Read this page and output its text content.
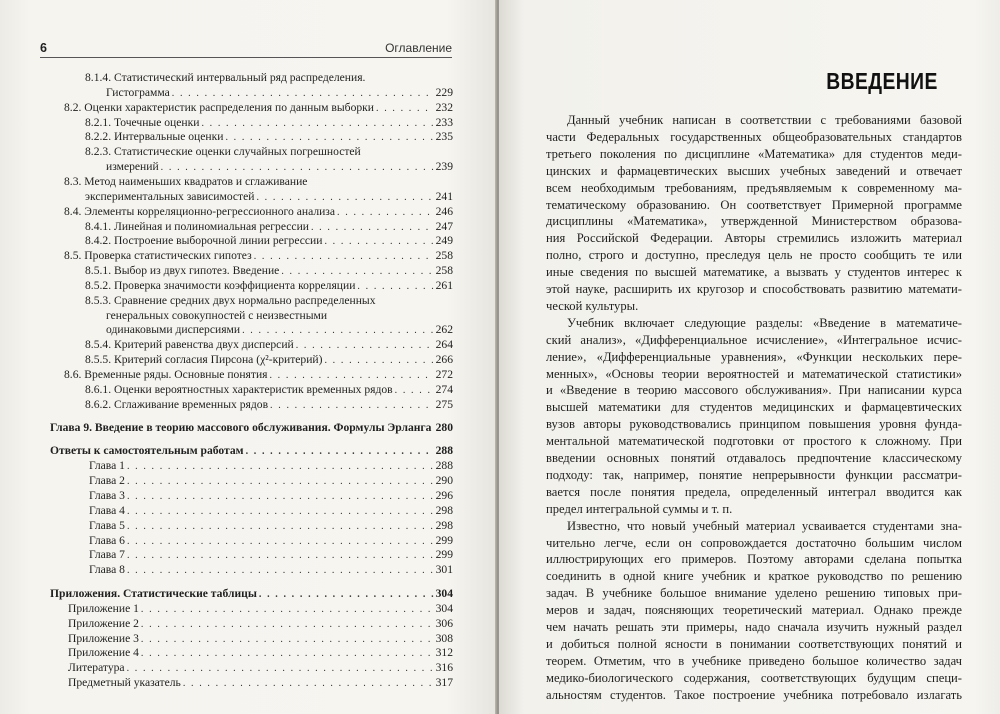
6	Оглавление
8.1.4. Статистический интервальный ряд распределения.
Гистограмма . . .	229
8.2. Оценки характеристик распределения по данным выборки . . .	232
8.2.1. Точечные оценки . . .	233
8.2.2. Интервальные оценки . . .	235
8.2.3. Статистические оценки случайных погрешностей
измерений . . .	239
8.3. Метод наименьших квадратов и сглаживание
экспериментальных зависимостей . . .	241
8.4. Элементы корреляционно-регрессионного анализа . . .	246
8.4.1. Линейная и полиномиальная регрессии . . .	247
8.4.2. Построение выборочной линии регрессии . . .	249
8.5. Проверка статистических гипотез . . .	258
8.5.1. Выбор из двух гипотез. Введение . . .	258
8.5.2. Проверка значимости коэффициента корреляции . . .	261
8.5.3. Сравнение средних двух нормально распределенных
генеральных совокупностей с неизвестными
одинаковыми дисперсиями . . .	262
8.5.4. Критерий равенства двух дисперсий . . .	264
8.5.5. Критерий согласия Пирсона (χ²-критерий) . . .	266
8.6. Временные ряды. Основные понятия . . .	272
8.6.1. Оценки вероятностных характеристик временных рядов . . .	274
8.6.2. Сглаживание временных рядов . . .	275
Глава 9. Введение в теорию массового обслуживания. Формулы Эрланга . . . 280
Ответы к самостоятельным работам . . .	288
Глава 1 . . .	288
Глава 2 . . .	290
Глава 3 . . .	296
Глава 4 . . .	298
Глава 5 . . .	298
Глава 6 . . .	299
Глава 7 . . .	299
Глава 8 . . .	301
Приложения. Статистические таблицы . . .	304
Приложение 1 . . .	304
Приложение 2 . . .	306
Приложение 3 . . .	308
Приложение 4 . . .	312
Литература . . .	316
Предметный указатель . . .	317
ВВЕДЕНИЕ
Данный учебник написан в соответствии с требованиями базовой
части Федеральных государственных общеобразовательных стандартов
третьего поколения по дисциплине «Математика» для студентов меди-
цинских и фармацевтических высших учебных заведений и отвечает
всем необходимым требованиям, предъявляемым к современному ма-
тематическому образованию. Он соответствует Примерной программе
дисциплины «Математика», утвержденной Министерством образова-
ния Российской Федерации. Авторы стремились изложить материал
полно, строго и доступно, преследуя цель не просто сообщить те или
иные сведения по высшей математике, а вызвать у студентов интерес к
этой науке, расширить их кругозор и способствовать развитию математи-
ческой культуры.
Учебник включает следующие разделы: «Введение в математиче-
ский анализ», «Дифференциальное исчисление», «Интегральное исчис-
ление», «Дифференциальные уравнения», «Функции нескольких пере-
менных», «Основы теории вероятностей и математической статистики»
и «Введение в теорию массового обслуживания». При написании курса
высшей математики для студентов медицинских и фармацевтических
вузов авторы руководствовались принципом повышения уровня фунда-
ментальной математической подготовки от простого к сложному. При
введении основных понятий отдавалось предпочтение классическому
подходу: так, например, понятие непрерывности функции рассматри-
вается после понятия предела, определенный интеграл вводится как
предел интегральной суммы и т. п.
Известно, что новый учебный материал усваивается студентами зна-
чительно легче, если он сопровождается достаточно большим числом
иллюстрирующих его примеров. Поэтому авторами сделана попытка
соединить в одной книге учебник и краткое руководство по решению
задач. В учебнике большое внимание уделено решению типовых при-
меров и задач, поясняющих теоретический материал. Однако прежде
чем начать решать эти примеры, надо сначала изучить нужный раздел
и добиться полной ясности в понимании соответствующих понятий и
теорем. Отметим, что в учебнике приведено большое количество задач
медико-биологического содержания, соответствующих будущим специ-
альностям студентов. Такое построение учебника потребовало излагать
